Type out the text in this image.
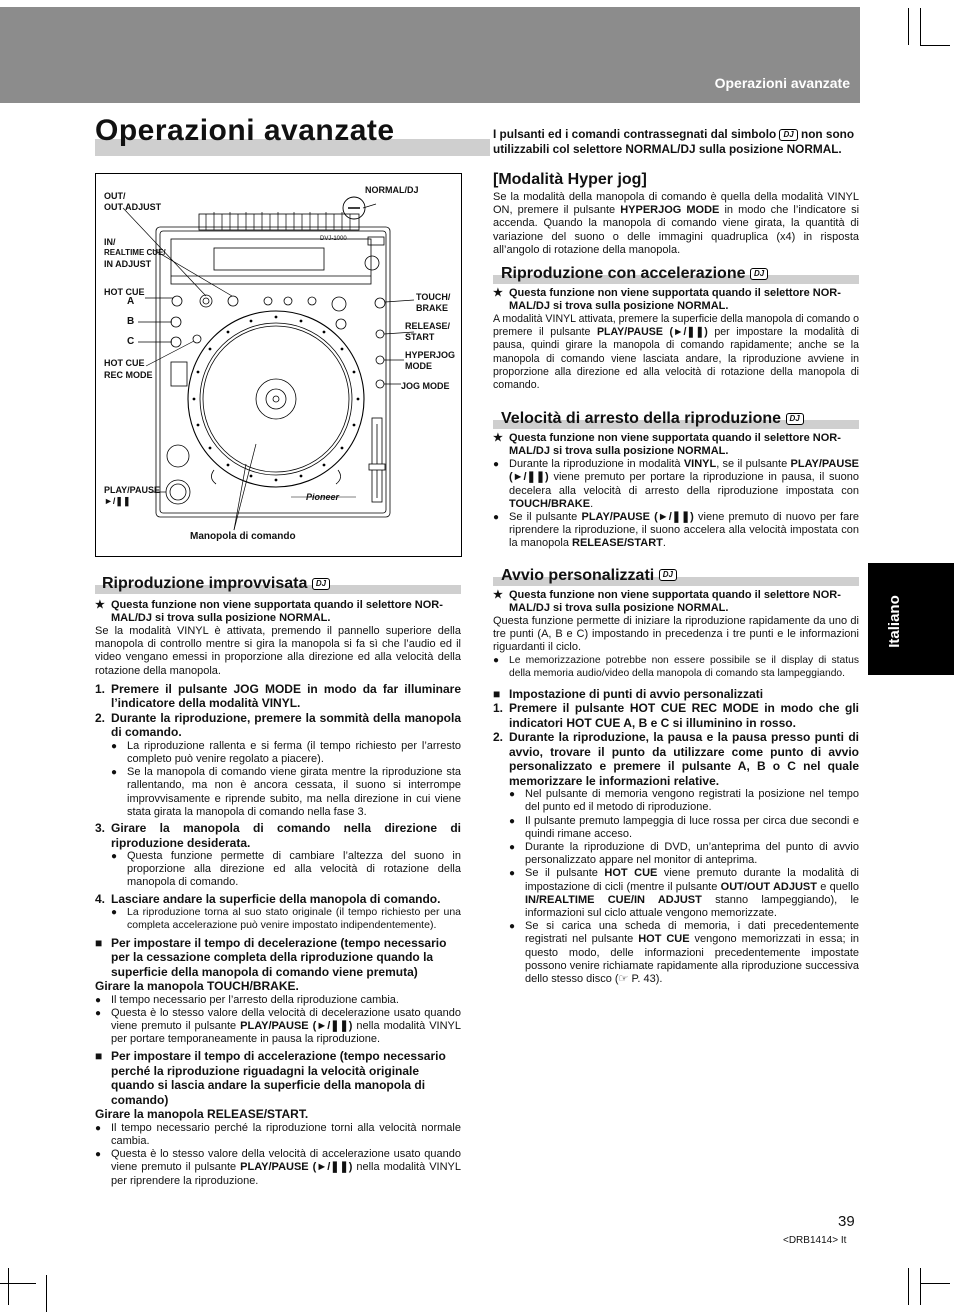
Operazioni avanzate
Operazioni avanzate	I pulsanti ed i comandi contrassegnati dal simbolo DJ non sono utilizzabili col selettore NORMAL/DJ sulla posizione NORMAL.
OUT/
OUT ADJUST
IN/
REALTIME CUE/
IN ADJUST
HOT CUE
A
B
C
HOT CUE
REC MODE
NORMAL/DJ
TOUCH/
BRAKE
RELEASE/
START
HYPERJOG
MODE
JOG MODE
PLAY/PAUSE
►/❚❚
Manopola di comando
DVJ-1000
Pioneer
Riproduzione improvvisata DJ
★ Questa funzione non viene supportata quando il selettore NOR-MAL/DJ si trova sulla posizione NORMAL.

Se la modalità VINYL è attivata, premendo il pannello superiore della manopola di controllo mentre si gira la manopola si fa sì che l’audio ed il video vengano emessi in proporzione alla direzione ed alla velocità della rotazione della manopola.

1. Premere il pulsante JOG MODE in modo da far illuminare l’indicatore della modalità VINYL.
2. Durante la riproduzione, premere la sommità della manopola di comando.
● La riproduzione rallenta e si ferma (il tempo richiesto per l’arresto completo può venire regolato a piacere).
● Se la manopola di comando viene girata mentre la riproduzione sta rallentando, ma non è ancora cessata, il suono si interrompe improvvisamente e riprende subito, ma nella direzione in cui viene stata girata la manopola di comando nella fase 3.
3. Girare la manopola di comando nella direzione di riproduzione desiderata.
● Questa funzione permette di cambiare l’altezza del suono in proporzione alla direzione ed alla velocità di rotazione della manopola di comando.
4. Lasciare andare la superficie della manopola di comando.
● La riproduzione torna al suo stato originale (il tempo richiesto per una completa accelerazione può venire impostato indipendentemente).
■ Per impostare il tempo di decelerazione (tempo necessario per la cessazione completa della riproduzione quando la superficie della manopola di comando viene premuta)
Girare la manopola TOUCH/BRAKE.
● Il tempo necessario per l’arresto della riproduzione cambia.
● Questa è lo stesso valore della velocità di decelerazione usato quando viene premuto il pulsante PLAY/PAUSE (►/❚❚) nella modalità VINYL per portare temporaneamente in pausa la riproduzione.
■ Per impostare il tempo di accelerazione (tempo necessario perché la riproduzione riguadagni la velocità originale quando si lascia andare la superficie della manopola di comando)
Girare la manopola RELEASE/START.
● Il tempo necessario perché la riproduzione torni alla velocità normale cambia.
● Questa è lo stesso valore della velocità di accelerazione usato quando viene premuto il pulsante PLAY/PAUSE (►/❚❚) nella modalità VINYL per riprendere la riproduzione.
[Modalità Hyper jog]

Se la modalità della manopola di comando è quella della modalità VINYL ON, premere il pulsante HYPERJOG MODE in modo che l’indicatore si accenda. Quando la manopola di comando viene girata, la quantità di variazione del suono o delle immagini quadruplica (x4) in risposta all’angolo di rotazione della manopola.

Riproduzione con accelerazione DJ
★ Questa funzione non viene supportata quando il selettore NOR-MAL/DJ si trova sulla posizione NORMAL.

A modalità VINYL attivata, premere la superficie della manopola di comando o premere il pulsante PLAY/PAUSE (►/❚❚) per impostare la modalità di pausa, quindi girare la manopola di comando rapidamente; anche se la manopola di comando viene lasciata andare, la riproduzione avviene in proporzione alla direzione ed alla velocità di rotazione della manopola di comando.

Velocità di arresto della riproduzione DJ
★ Questa funzione non viene supportata quando il selettore NOR-MAL/DJ si trova sulla posizione NORMAL.
● Durante la riproduzione in modalità VINYL, se il pulsante PLAY/PAUSE (►/❚❚) viene premuto per portare la riproduzione in pausa, il suono decelera alla velocità di arresto della riproduzione impostata con TOUCH/BRAKE.
● Se il pulsante PLAY/PAUSE (►/❚❚) viene premuto di nuovo per fare riprendere la riproduzione, il suono accelera alla velocità impostata con la manopola RELEASE/START.
Avvio personalizzati DJ
★ Questa funzione non viene supportata quando il selettore NOR-MAL/DJ si trova sulla posizione NORMAL.

Questa funzione permette di iniziare la riproduzione rapidamente da uno di tre punti (A, B e C) impostando in precedenza i tre punti e le informazioni riguardanti il ciclo.

● Le memorizzazione potrebbe non essere possibile se il display di status della memoria audio/video della manopola di comando sta lampeggiando.
■ Impostazione di punti di avvio personalizzati
1. Premere il pulsante HOT CUE REC MODE in modo che gli indicatori HOT CUE A, B e C si illuminino in rosso.
2. Durante la riproduzione, la pausa e la pausa presso punti di avvio, trovare il punto da utilizzare come punto di avvio personalizzato e premere il pulsante A, B o C nel quale memorizzare le informazioni relative.
● Nel pulsante di memoria vengono registrati la posizione nel tempo del punto ed il metodo di riproduzione.
● Il pulsante premuto lampeggia di luce rossa per circa due secondi e quindi rimane acceso.
● Durante la riproduzione di DVD, un’anteprima del punto di avvio personalizzato appare nel monitor di anteprima.
● Se il pulsante HOT CUE viene premuto durante la modalità di impostazione di cicli (mentre il pulsante OUT/OUT ADJUST e quello IN/REALTIME CUE/IN ADJUST stanno lampeggiando), le informazioni sul ciclo attuale vengono memorizzate.
● Se si carica una scheda di memoria, i dati precedentemente registrati nel pulsante HOT CUE vengono memorizzati in essa; in questo modo, delle informazioni precedentemente impostate possono venire richiamate rapidamente alla riproduzione successiva dello stesso disco (☞ P. 43).
Italiano
39
<DRB1414> It
